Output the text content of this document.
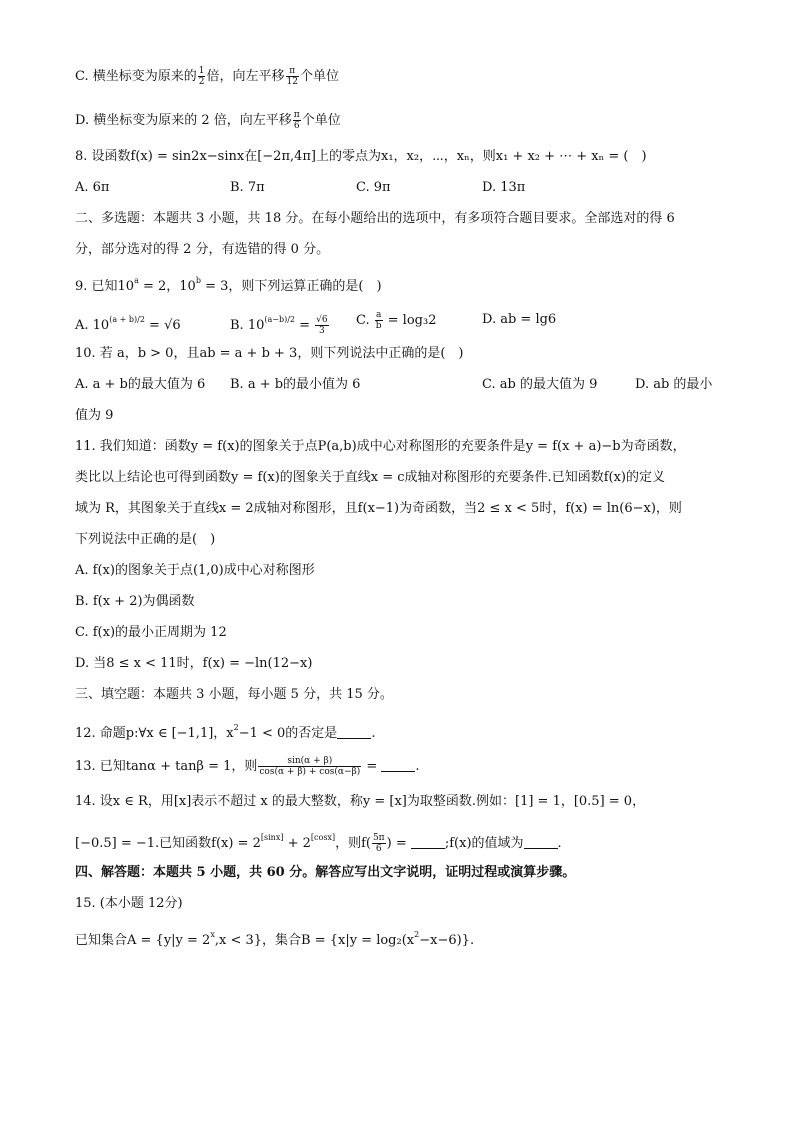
C. 横坐标变为原来的 $\frac{1}{2}$ 倍，向左平移 $\frac{\pi}{12}$ 个单位
D. 横坐标变为原来的 2 倍，向左平移 $\frac{\pi}{6}$ 个单位
8. 设函数f(x) = sin2x−sinx在[−2π,4π]上的零点为x₁，x₂，⋯，xₙ，则x₁ + x₂ + ⋯ + xₙ = (　)
A. 6π	B. 7π	C. 9π	D. 13π
二、多选题：本题共 3 小题，共 18 分。在每小题给出的选项中，有多项符合题目要求。全部选对的得 6
分，部分选对的得 2 分，有选错的得 0 分。
9. 已知$10^a = 2$，$10^b = 3$，则下列运算正确的是(　)
A. $10^{(a + b)/2} = √6$	B. $10^{(a-b)/2} = \frac{√6}{3} C$. $\frac{a}{b} = \log_32$	D. ab = lg6
10. 若 a，b > 0，且ab = a + b + 3，则下列说法中正确的是(　)
A. a + b的最大值为 6 B. a + b的最小值为 6	C. ab 的最大值为 9	D. ab 的最小
值为 9
11. 我们知道：函数y = f(x)的图象关于点P(a,b)成中心对称图形的充要条件是y = f(x + a)−b为奇函数，
类比以上结论也可得到函数y = f(x)的图象关于直线x = c成轴对称图形的充要条件.已知函数f(x)的定义
域为 R，其图象关于直线x = 2成轴对称图形，且f(x−1)为奇函数，当2 ≤ x < 5时，f(x) = ln(6−x)，则
下列说法中正确的是(　)
A. f(x)的图象关于点(1,0)成中心对称图形
B. f(x + 2)为偶函数
C. f(x)的最小正周期为 12
D. 当8 ≤ x < 11时，f(x) = −ln(12−x)
三、填空题：本题共 3 小题，每小题 5 分，共 15 分。
12. 命题p:∀x ∈ [−1,1]，$x^2-1 < 0$的否定是	.
13. 已知tanα + tanβ = 1，则 $\frac{\sin(\alpha + \beta)}{\cos(\alpha + \beta) + \cos(\alpha-\beta)}$ =	.
14. 设x ∈ R，用[x]表示不超过 x 的最大整数，称y = [x]为取整函数.例如：[1] = 1，[0.5] = 0，
[−0.5] = −1.已知函数f(x) = 2[sinx] + 2[cosx]，则$f( \frac{5\pi}{6}$ ) =	;f(x)的值域为	.
四、解答题：本题共 5 小题，共 60 分。解答应写出文字说明，证明过程或演算步骤。
15. (本小题 12分)
已知集合$A = \{y|y = 2^x,x < 3\}$，集合$B = \{x|y = \log_2(x^2-x-6)\}$.
